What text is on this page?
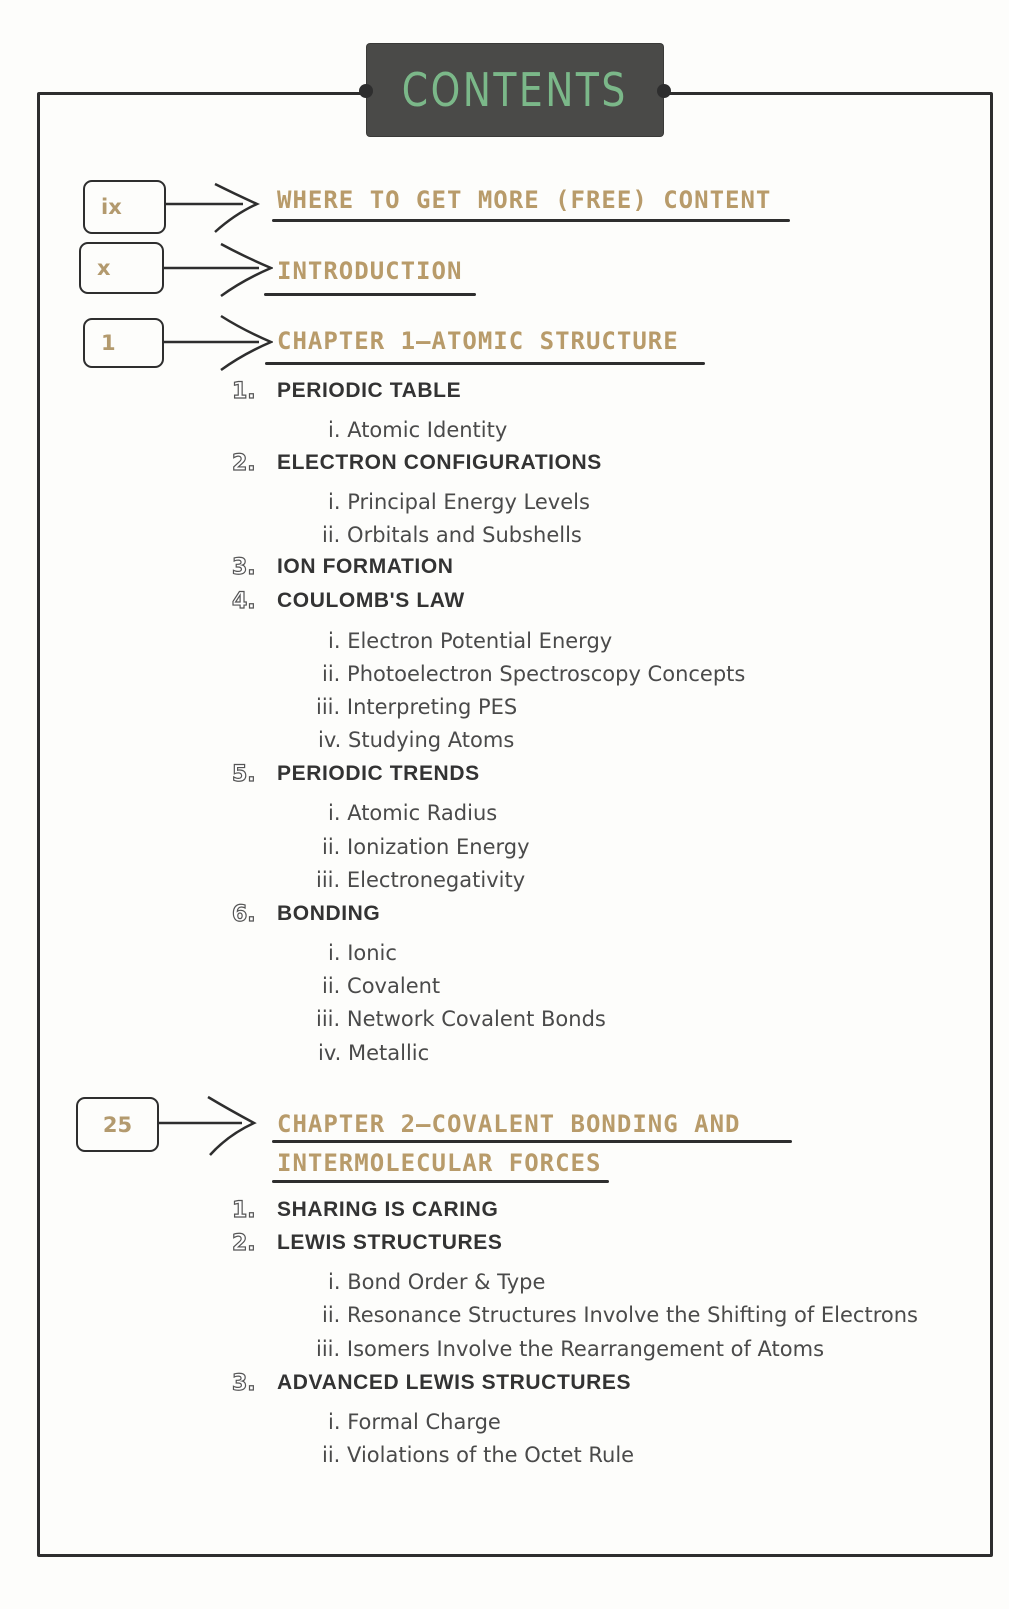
CONTENTS
ix	WHERE TO GET MORE (FREE) CONTENT
x	INTRODUCTION
1	CHAPTER 1—ATOMIC STRUCTURE
1.	PERIODIC TABLE
i. Atomic Identity
2.	ELECTRON CONFIGURATIONS
i. Principal Energy Levels
ii. Orbitals and Subshells
3.	ION FORMATION
4.	COULOMB'S LAW
i. Electron Potential Energy
ii. Photoelectron Spectroscopy Concepts
iii. Interpreting PES
iv. Studying Atoms
5.	PERIODIC TRENDS
i. Atomic Radius
ii. Ionization Energy
iii. Electronegativity
6.	BONDING
i. Ionic
ii. Covalent
iii. Network Covalent Bonds
iv. Metallic
25	CHAPTER 2—COVALENT BONDING AND
INTERMOLECULAR FORCES
1.	SHARING IS CARING
2.	LEWIS STRUCTURES
i. Bond Order & Type
ii. Resonance Structures Involve the Shifting of Electrons
iii. Isomers Involve the Rearrangement of Atoms
3.	ADVANCED LEWIS STRUCTURES
i. Formal Charge
ii. Violations of the Octet Rule
